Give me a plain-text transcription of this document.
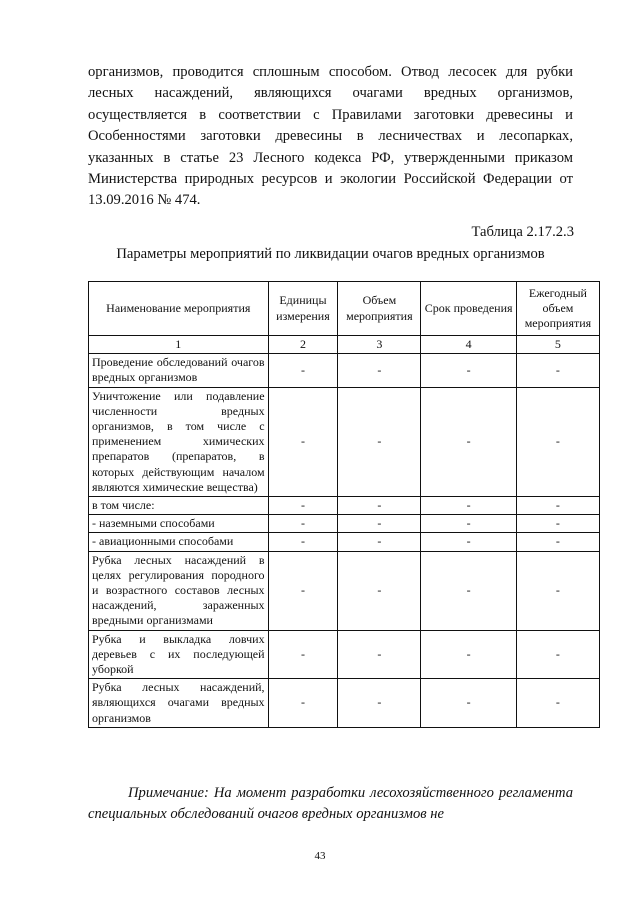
организмов, проводится сплошным способом. Отвод лесосек для рубки лесных насаждений, являющихся очагами вредных организмов, осуществляется в соответствии с Правилами заготовки древесины и Особенностями заготовки древесины в лесничествах и лесопарках, указанных в статье 23 Лесного кодекса РФ, утвержденными приказом Министерства природных ресурсов и экологии Российской Федерации от 13.09.2016 № 474.

Таблица 2.17.2.3
Параметры мероприятий по ликвидации очагов вредных организмов
Наименование мероприятия	Единицы измерения	Объем мероприятия	Срок проведения	Ежегодный объем мероприятия
1	2	3	4	5
Проведение обследований очагов вредных организмов	-	-	-	-
Уничтожение или подавление численности вредных организмов, в том числе с применением химических препаратов (препаратов, в которых действующим началом являются химические вещества)	-	-	-	-
в том числе:	-	-	-	-
- наземными способами	-	-	-	-
- авиационными способами	-	-	-	-
Рубка лесных насаждений в целях регулирования породного и возрастного составов лесных насаждений, зараженных вредными организмами	-	-	-	-
Рубка и выкладка ловчих деревьев с их последующей уборкой	-	-	-	-
Рубка лесных насаждений, являющихся очагами вредных организмов	-	-	-	-

Примечание: На момент разработки лесохозяйственного регламента специальных обследований очагов вредных организмов не

43
